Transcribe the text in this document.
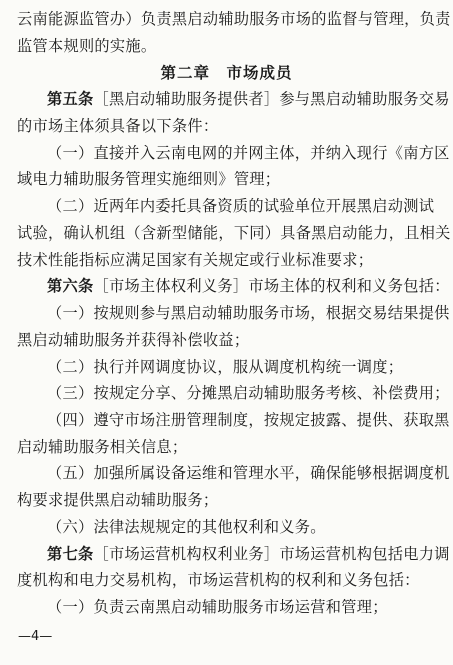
云南能源监管办）负责黑启动辅助服务市场的监督与管理，负责
监管本规则的实施。
第二章　市场成员
第五条［黑启动辅助服务提供者］参与黑启动辅助服务交易
的市场主体须具备以下条件：
（一）直接并入云南电网的并网主体，并纳入现行《南方区
域电力辅助服务管理实施细则》管理；
（二）近两年内委托具备资质的试验单位开展黑启动测试
试验，确认机组（含新型储能，下同）具备黑启动能力，且相关
技术性能指标应满足国家有关规定或行业标准要求；
第六条［市场主体权利义务］市场主体的权利和义务包括：
（一）按规则参与黑启动辅助服务市场，根据交易结果提供
黑启动辅助服务并获得补偿收益；
（二）执行并网调度协议，服从调度机构统一调度；
（三）按规定分享、分摊黑启动辅助服务考核、补偿费用；
（四）遵守市场注册管理制度，按规定披露、提供、获取黑
启动辅助服务相关信息；
（五）加强所属设备运维和管理水平，确保能够根据调度机
构要求提供黑启动辅助服务；
（六）法律法规规定的其他权利和义务。
第七条［市场运营机构权利业务］市场运营机构包括电力调
度机构和电力交易机构，市场运营机构的权利和义务包括：
（一）负责云南黑启动辅助服务市场运营和管理；
—4—
